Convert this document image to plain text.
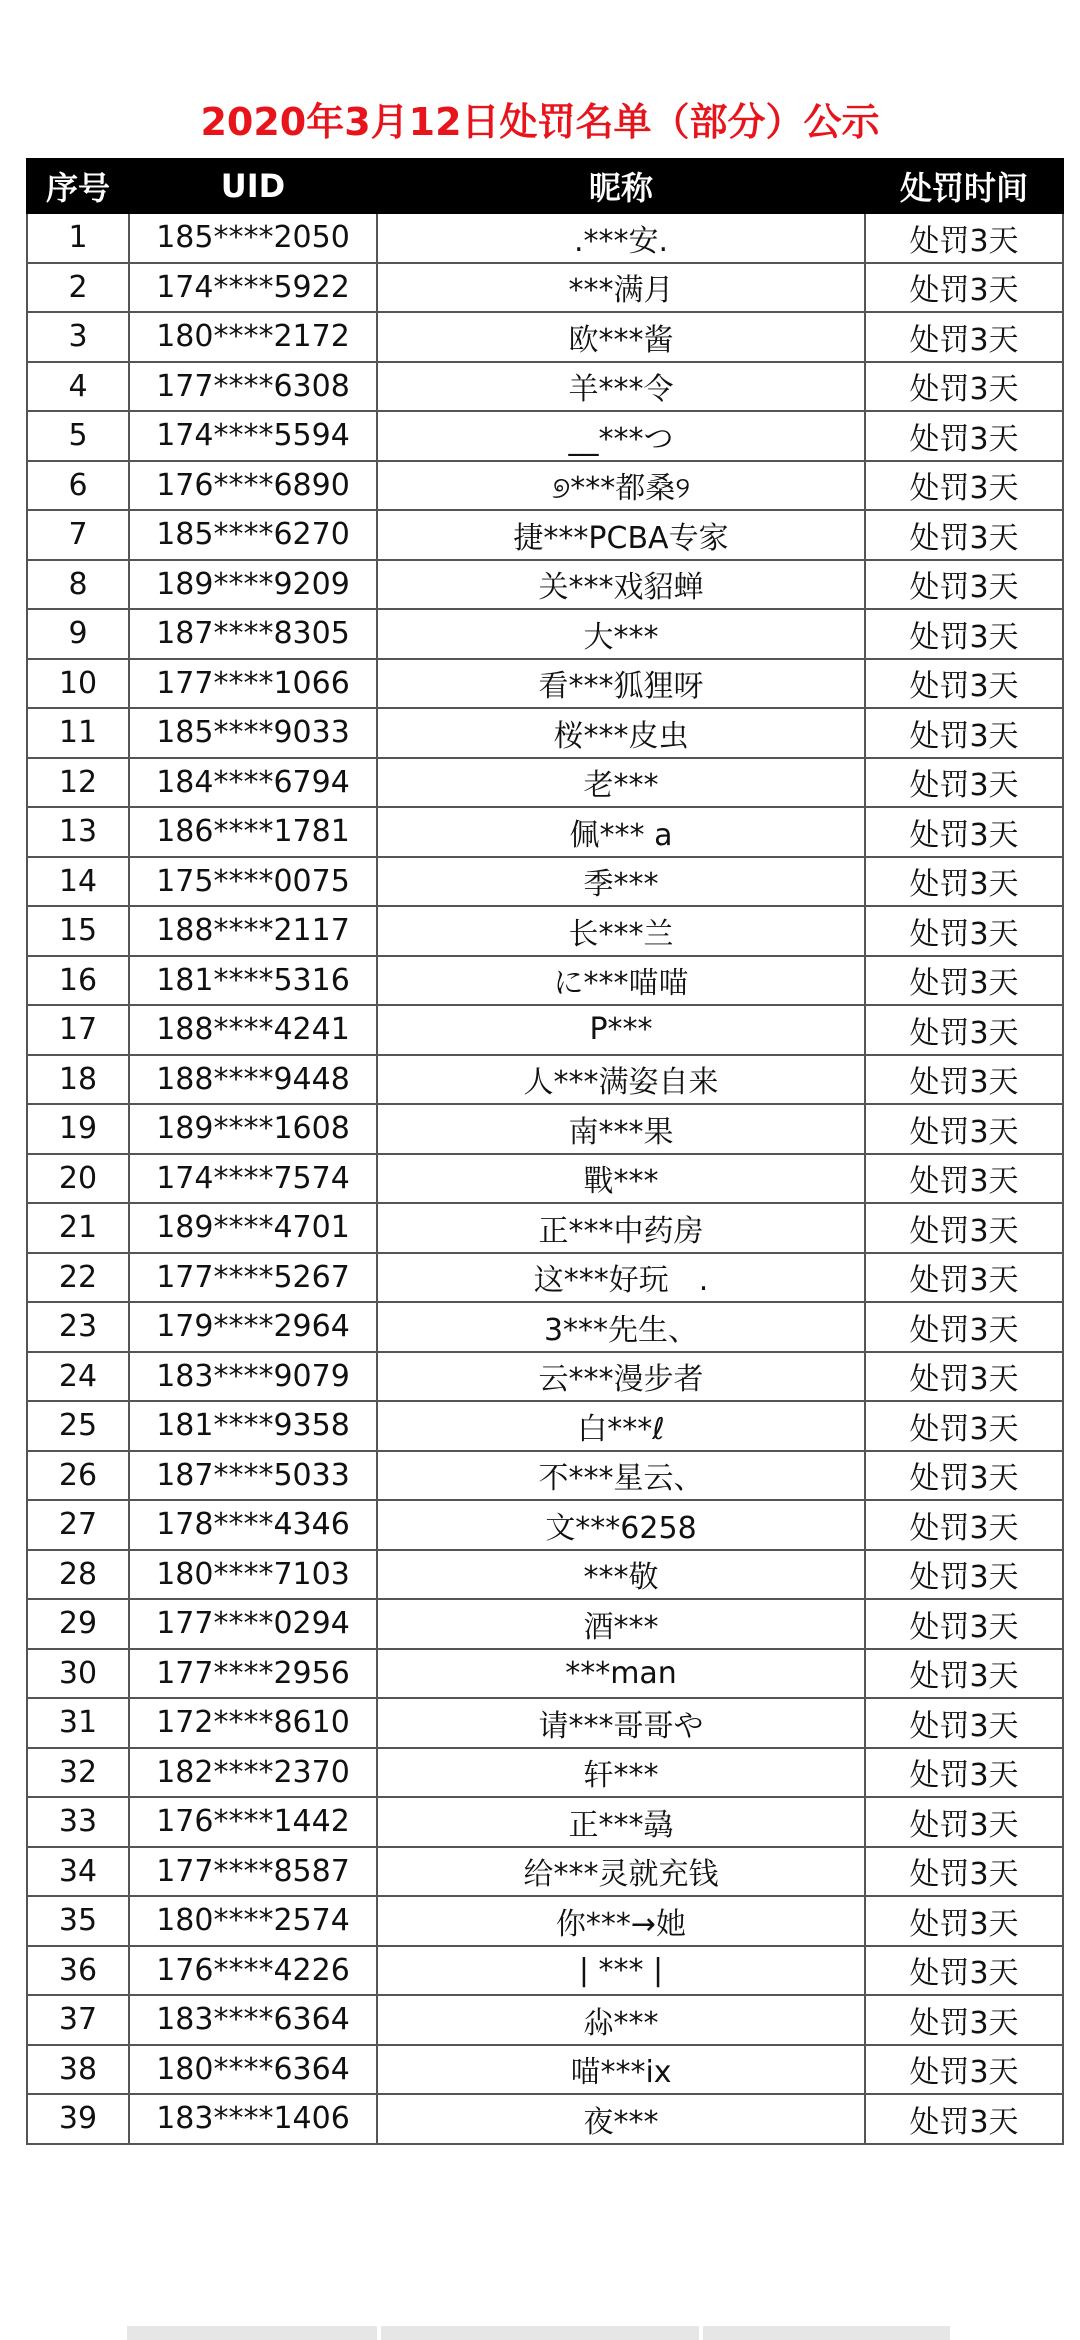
2020年3月12日处罚名单（部分）公示
序号	UID	昵称	处罚时间
1	185****2050	.***安.	处罚3天
2	174****5922	***满月	处罚3天
3	180****2172	欧***酱	处罚3天
4	177****6308	羊***令	处罚3天
5	174****5594	__***つ	处罚3天
6	176****6890	୭***都桑୨	处罚3天
7	185****6270	捷***PCBA专家	处罚3天
8	189****9209	关***戏貂蝉	处罚3天
9	187****8305	大***	处罚3天
10	177****1066	看***狐狸呀	处罚3天
11	185****9033	桜***皮虫	处罚3天
12	184****6794	老***	处罚3天
13	186****1781	佩*** a	处罚3天
14	175****0075	季***	处罚3天
15	188****2117	长***兰	处罚3天
16	181****5316	に***喵喵	处罚3天
17	188****4241	P***	处罚3天
18	188****9448	人***满姿自来	处罚3天
19	189****1608	南***果	处罚3天
20	174****7574	戰***	处罚3天
21	189****4701	正***中药房	处罚3天
22	177****5267	这***好玩　.	处罚3天
23	179****2964	3***先生、	处罚3天
24	183****9079	云***漫步者	处罚3天
25	181****9358	白***ℓ	处罚3天
26	187****5033	不***星云、	处罚3天
27	178****4346	文***6258	处罚3天
28	180****7103	***敬	处罚3天
29	177****0294	酒***	处罚3天
30	177****2956	***man	处罚3天
31	172****8610	请***哥哥や	处罚3天
32	182****2370	轩***	处罚3天
33	176****1442	正***骉	处罚3天
34	177****8587	给***灵就充钱	处罚3天
35	180****2574	你***→她	处罚3天
36	176****4226	| *** |	处罚3天
37	183****6364	尛***	处罚3天
38	180****6364	喵***ix	处罚3天
39	183****1406	夜***	处罚3天
